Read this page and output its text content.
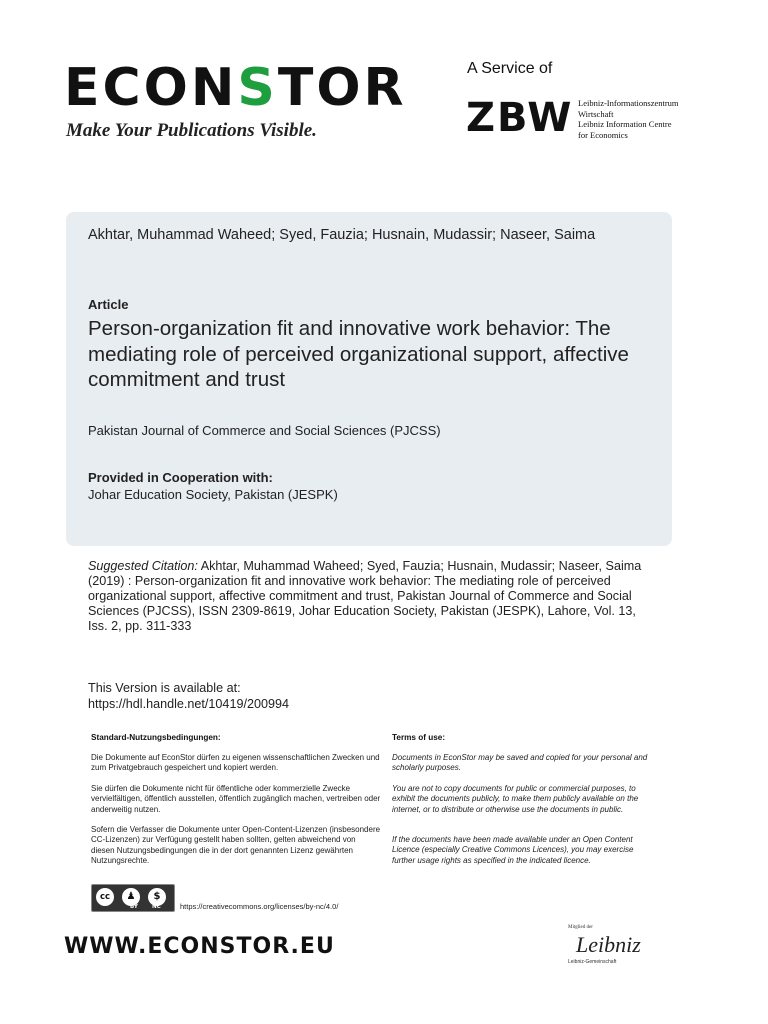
ECONSTOR
Make Your Publications Visible.
A Service of
ZBW Leibniz-Informationszentrum
Wirtschaft
Leibniz Information Centre
for Economics
Akhtar, Muhammad Waheed; Syed, Fauzia; Husnain, Mudassir; Naseer, Saima
Article
Person-organization fit and innovative work behavior: The mediating role of perceived organizational support, affective commitment and trust
Pakistan Journal of Commerce and Social Sciences (PJCSS)
Provided in Cooperation with:
Johar Education Society, Pakistan (JESPK)
Suggested Citation: Akhtar, Muhammad Waheed; Syed, Fauzia; Husnain, Mudassir; Naseer, Saima (2019) : Person-organization fit and innovative work behavior: The mediating role of perceived organizational support, affective commitment and trust, Pakistan Journal of Commerce and Social Sciences (PJCSS), ISSN 2309-8619, Johar Education Society, Pakistan (JESPK), Lahore, Vol. 13, Iss. 2, pp. 311-333
This Version is available at:
https://hdl.handle.net/10419/200994
Standard-Nutzungsbedingungen:
Die Dokumente auf EconStor dürfen zu eigenen wissenschaftlichen Zwecken und zum Privatgebrauch gespeichert und kopiert werden.
Sie dürfen die Dokumente nicht für öffentliche oder kommerzielle Zwecke vervielfältigen, öffentlich ausstellen, öffentlich zugänglich machen, vertreiben oder anderweitig nutzen.
Sofern die Verfasser die Dokumente unter Open-Content-Lizenzen (insbesondere CC-Lizenzen) zur Verfügung gestellt haben sollten, gelten abweichend von diesen Nutzungsbedingungen die in der dort genannten Lizenz gewährten Nutzungsrechte.
Terms of use:
Documents in EconStor may be saved and copied for your personal and scholarly purposes.
You are not to copy documents for public or commercial purposes, to exhibit the documents publicly, to make them publicly available on the internet, or to distribute or otherwise use the documents in public.
If the documents have been made available under an Open Content Licence (especially Creative Commons Licences), you may exercise further usage rights as specified in the indicated licence.
cc	♟	$
BY	NC	https://creativecommons.org/licenses/by-nc/4.0/
WWW.ECONSTOR.EU
Mitglied der
Leibniz
Leibniz-Gemeinschaft
